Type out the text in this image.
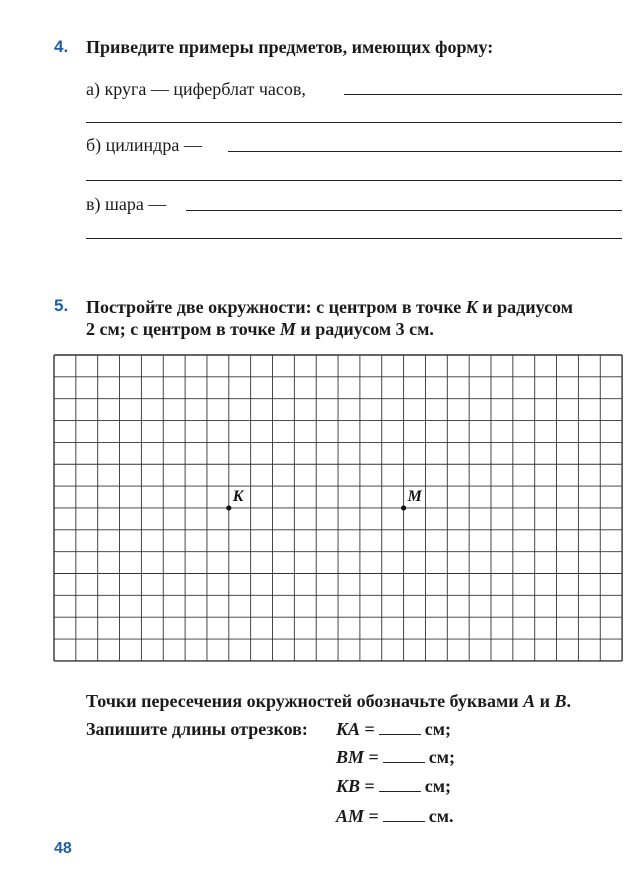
4. Приведите примеры предметов, имеющих форму:
а) круга — циферблат часов,
б) цилиндра —
в) шара —
5. Постройте две окружности: с центром в точке K и радиусом
2 см; с центром в точке M и радиусом 3 см.
K	M
Точки пересечения окружностей обозначьте буквами A и B.
Запишите длины отрезков: KA =	см;
BM =	см;
KB =	см;
AM =	см.
48
